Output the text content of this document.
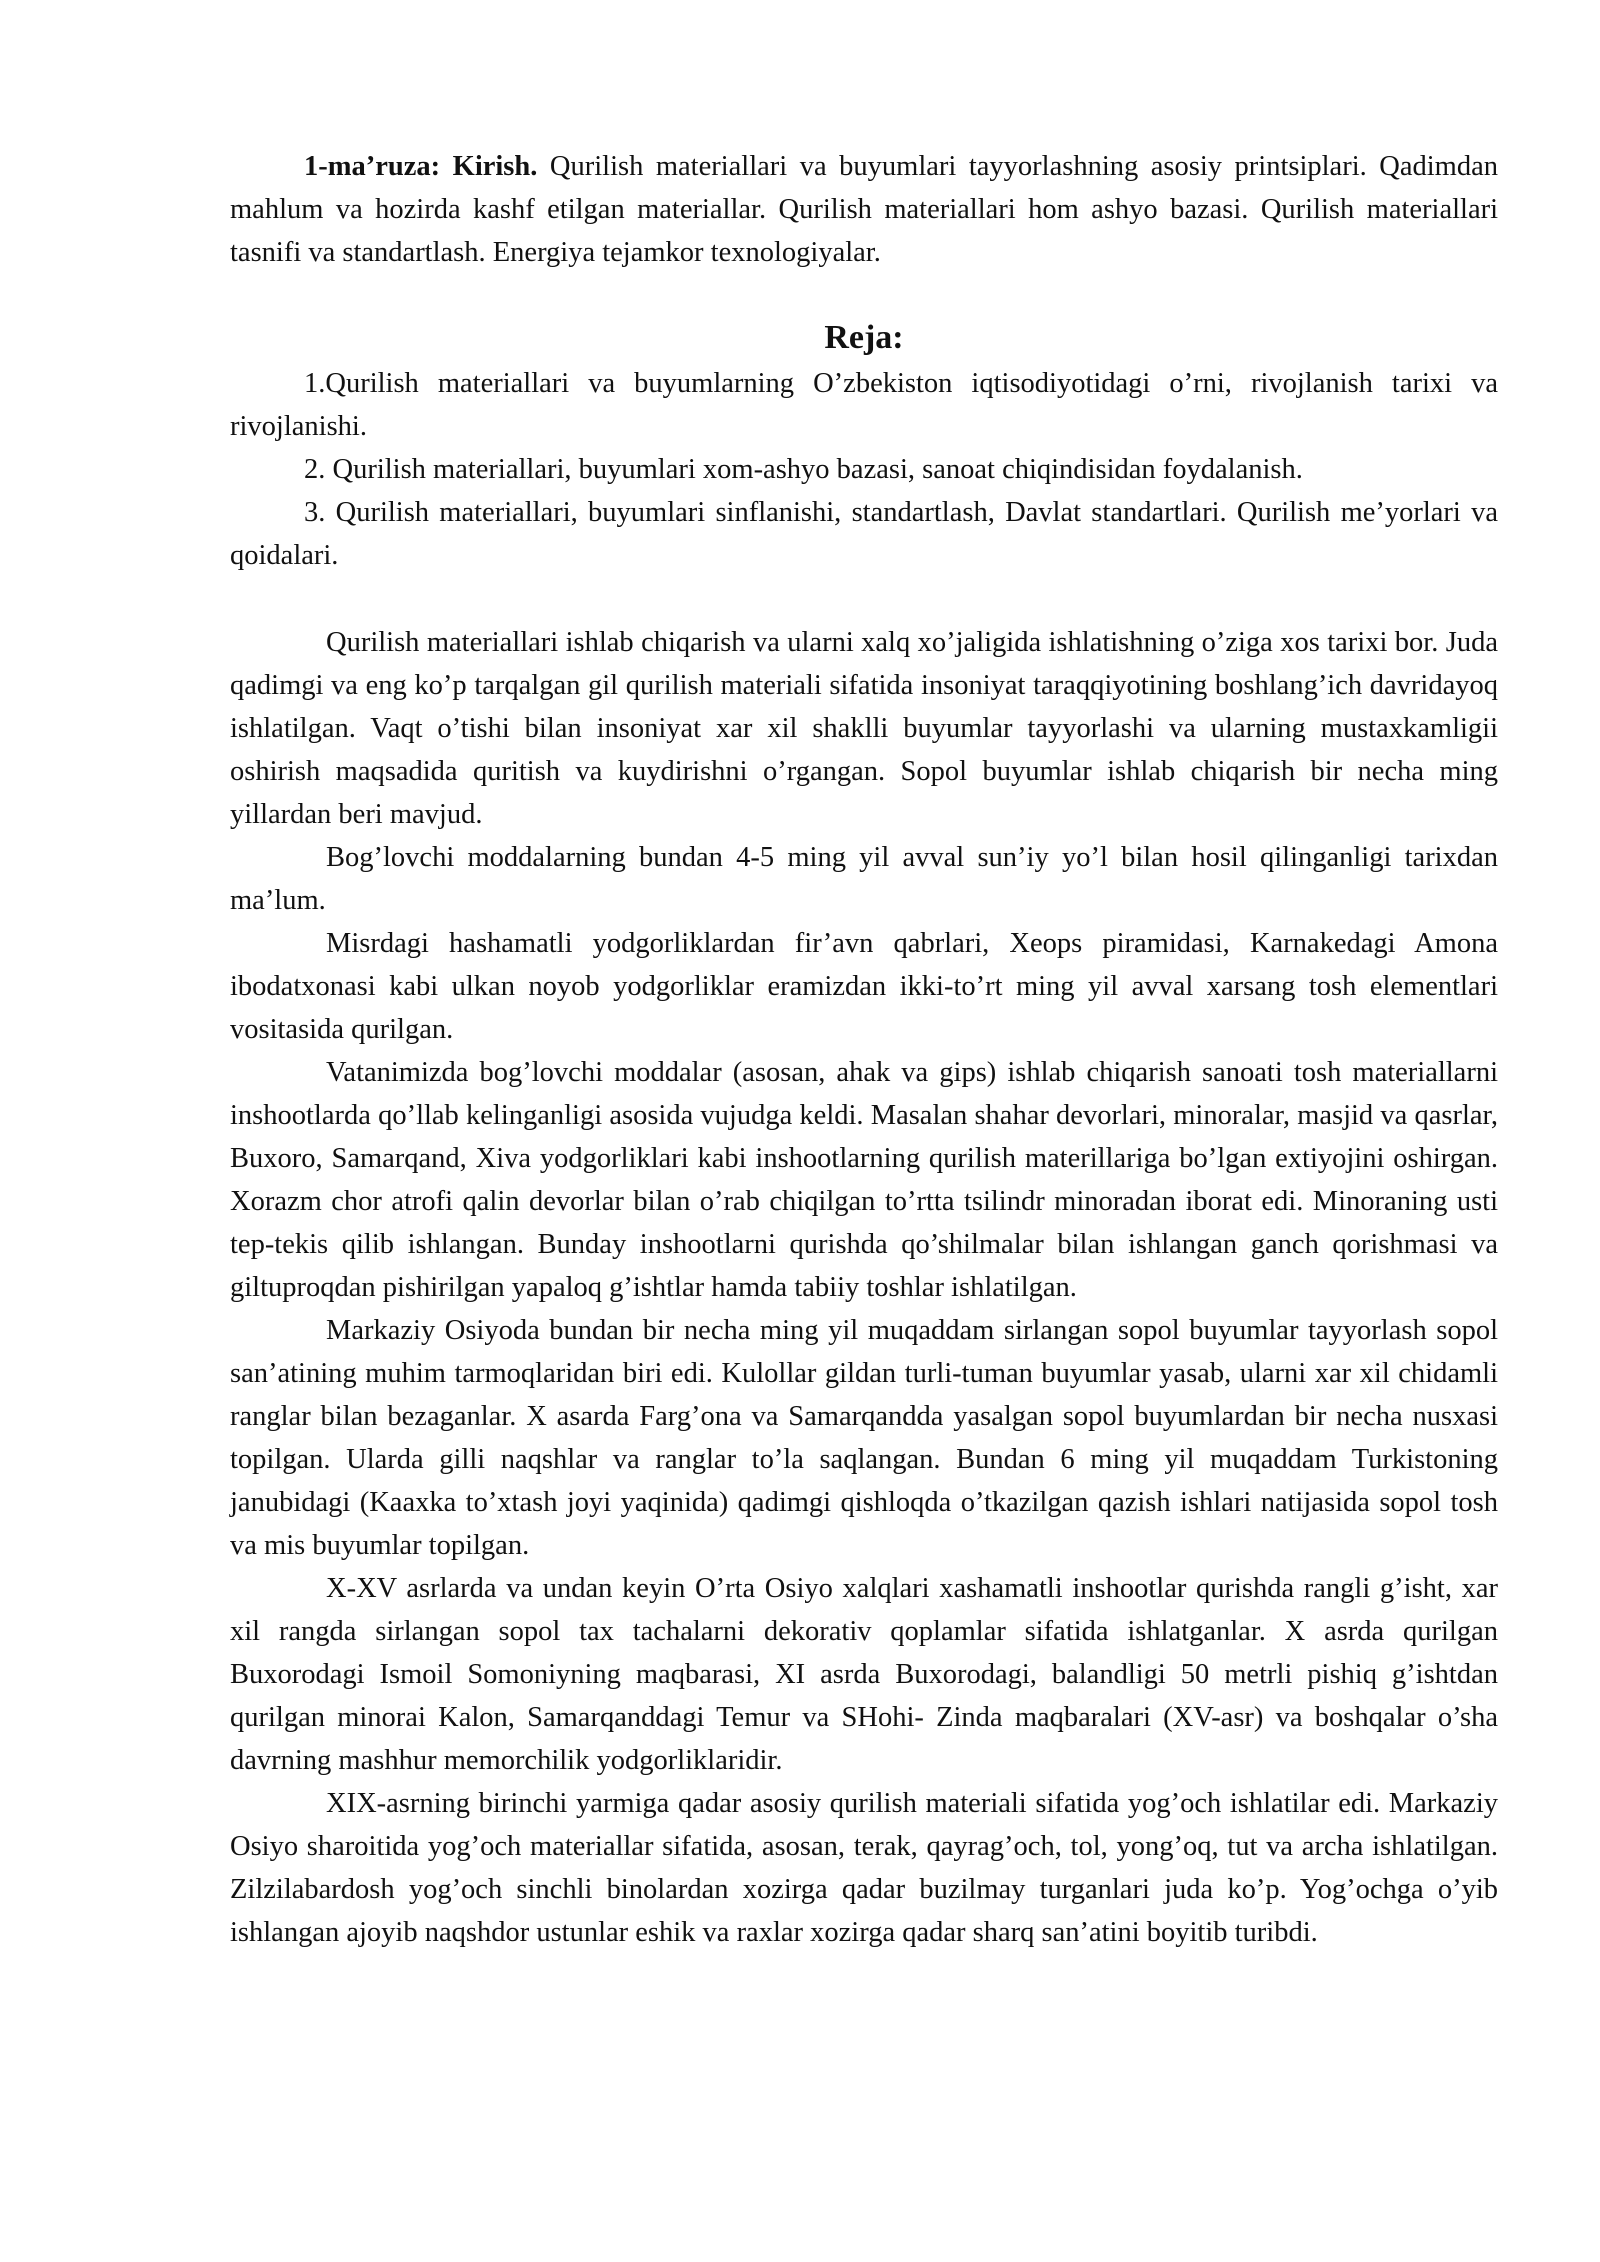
1-ma’ruza: Kirish. Qurilish materiallari va buyumlari tayyorlashning asosiy printsiplari. Qadimdan mahlum va hozirda kashf etilgan materiallar. Qurilish materiallari hom ashyo bazasi. Qurilish materiallari tasnifi va standartlash. Energiya tejamkor texnologiyalar.

Reja:

1.Qurilish materiallari va buyumlarning O’zbekiston iqtisodiyotidagi o’rni, rivojlanish tarixi va rivojlanishi.

2. Qurilish materiallari, buyumlari xom-ashyo bazasi, sanoat chiqindisidan foydalanish.

3. Qurilish materiallari, buyumlari sinflanishi, standartlash, Davlat standartlari. Qurilish me’yorlari va qoidalari.

Qurilish materiallari ishlab chiqarish va ularni xalq xo’jaligida ishlatishning o’ziga xos tarixi bor. Juda qadimgi va eng ko’p tarqalgan gil qurilish materiali sifatida insoniyat taraqqiyotining boshlang’ich davridayoq ishlatilgan. Vaqt o’tishi bilan insoniyat xar xil shaklli buyumlar tayyorlashi va ularning mustaxkamligii oshirish maqsadida quritish va kuydirishni o’rgangan. Sopol buyumlar ishlab chiqarish bir necha ming yillardan beri mavjud.

Bog’lovchi moddalarning bundan 4-5 ming yil avval sun’iy yo’l bilan hosil qilinganligi tarixdan ma’lum.

Misrdagi hashamatli yodgorliklardan fir’avn qabrlari, Xeops piramidasi, Karnakedagi Amona ibodatxonasi kabi ulkan noyob yodgorliklar eramizdan ikki-to’rt ming yil avval xarsang tosh elementlari vositasida qurilgan.

Vatanimizda bog’lovchi moddalar (asosan, ahak va gips) ishlab chiqarish sanoati tosh materiallarni inshootlarda qo’llab kelinganligi asosida vujudga keldi. Masalan shahar devorlari, minoralar, masjid va qasrlar, Buxoro, Samarqand, Xiva yodgorliklari kabi inshootlarning qurilish materillariga bo’lgan extiyojini oshirgan. Xorazm chor atrofi qalin devorlar bilan o’rab chiqilgan to’rtta tsilindr minoradan iborat edi. Minoraning usti tep-tekis qilib ishlangan. Bunday inshootlarni qurishda qo’shilmalar bilan ishlangan ganch qorishmasi va giltuproqdan pishirilgan yapaloq g’ishtlar hamda tabiiy toshlar ishlatilgan.

Markaziy Osiyoda bundan bir necha ming yil muqaddam sirlangan sopol buyumlar tayyorlash sopol san’atining muhim tarmoqlaridan biri edi. Kulollar gildan turli-tuman buyumlar yasab, ularni xar xil chidamli ranglar bilan bezaganlar. X asarda Farg’ona va Samarqandda yasalgan sopol buyumlardan bir necha nusxasi topilgan. Ularda gilli naqshlar va ranglar to’la saqlangan. Bundan 6 ming yil muqaddam Turkistoning janubidagi (Kaaxka to’xtash joyi yaqinida) qadimgi qishloqda o’tkazilgan qazish ishlari natijasida sopol tosh va mis buyumlar topilgan.

X-XV asrlarda va undan keyin O’rta Osiyo xalqlari xashamatli inshootlar qurishda rangli g’isht, xar xil rangda sirlangan sopol tax tachalarni dekorativ qoplamlar sifatida ishlatganlar. X asrda qurilgan Buxorodagi Ismoil Somoniyning maqbarasi, XI asrda Buxorodagi, balandligi 50 metrli pishiq g’ishtdan qurilgan minorai Kalon, Samarqanddagi Temur va SHohi- Zinda maqbaralari (XV-asr) va boshqalar o’sha davrning mashhur memorchilik yodgorliklaridir.

XIX-asrning birinchi yarmiga qadar asosiy qurilish materiali sifatida yog’och ishlatilar edi. Markaziy Osiyo sharoitida yog’och materiallar sifatida, asosan, terak, qayrag’och, tol, yong’oq, tut va archa ishlatilgan. Zilzilabardosh yog’och sinchli binolardan xozirga qadar buzilmay turganlari juda ko’p. Yog’ochga o’yib ishlangan ajoyib naqshdor ustunlar eshik va raxlar xozirga qadar sharq san’atini boyitib turibdi.
